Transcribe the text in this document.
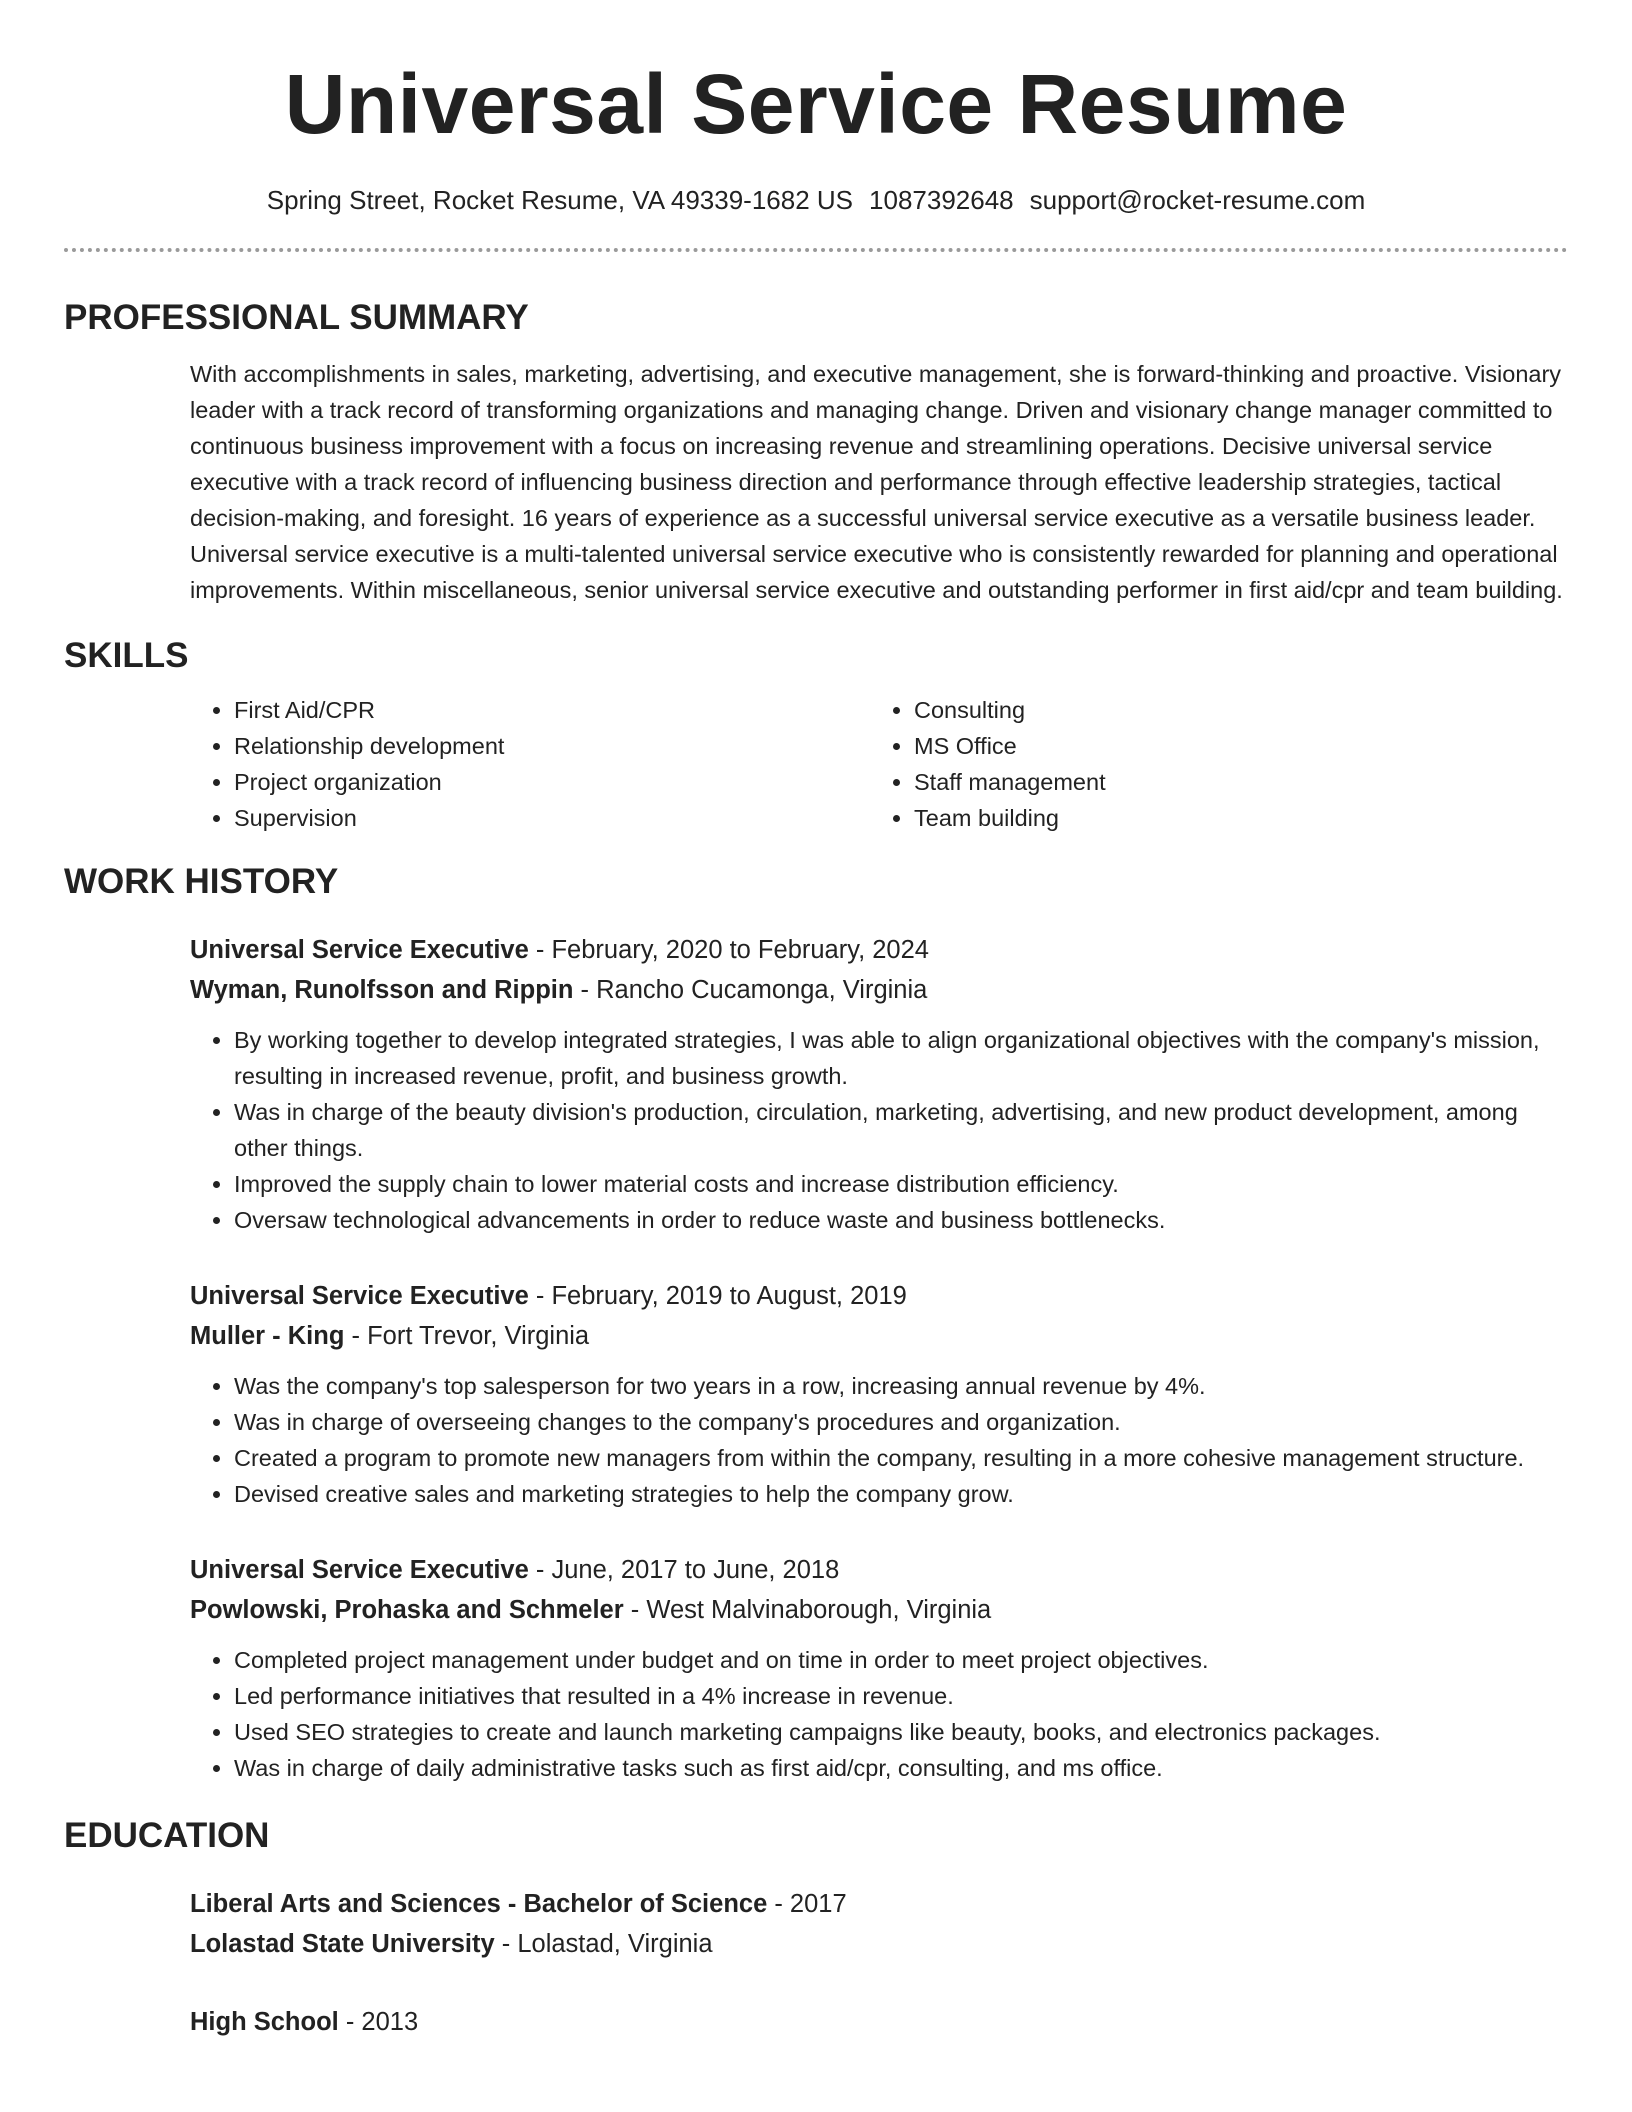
Universal Service Resume
Spring Street, Rocket Resume, VA 49339-1682 US 1087392648 support@rocket-resume.com
PROFESSIONAL SUMMARY
With accomplishments in sales, marketing, advertising, and executive management, she is forward-thinking and proactive. Visionary leader with a track record of transforming organizations and managing change. Driven and visionary change manager committed to continuous business improvement with a focus on increasing revenue and streamlining operations. Decisive universal service executive with a track record of influencing business direction and performance through effective leadership strategies, tactical decision-making, and foresight. 16 years of experience as a successful universal service executive as a versatile business leader. Universal service executive is a multi-talented universal service executive who is consistently rewarded for planning and operational improvements. Within miscellaneous, senior universal service executive and outstanding performer in first aid/cpr and team building.
SKILLS
• First Aid/CPR
• Relationship development
• Project organization
• Supervision
• Consulting
• MS Office
• Staff management
• Team building
WORK HISTORY
Universal Service Executive - February, 2020 to February, 2024
Wyman, Runolfsson and Rippin - Rancho Cucamonga, Virginia
• By working together to develop integrated strategies, I was able to align organizational objectives with the company's mission, resulting in increased revenue, profit, and business growth.
• Was in charge of the beauty division's production, circulation, marketing, advertising, and new product development, among other things.
• Improved the supply chain to lower material costs and increase distribution efficiency.
• Oversaw technological advancements in order to reduce waste and business bottlenecks.
Universal Service Executive - February, 2019 to August, 2019
Muller - King - Fort Trevor, Virginia
• Was the company's top salesperson for two years in a row, increasing annual revenue by 4%.
• Was in charge of overseeing changes to the company's procedures and organization.
• Created a program to promote new managers from within the company, resulting in a more cohesive management structure.
• Devised creative sales and marketing strategies to help the company grow.
Universal Service Executive - June, 2017 to June, 2018
Powlowski, Prohaska and Schmeler - West Malvinaborough, Virginia
• Completed project management under budget and on time in order to meet project objectives.
• Led performance initiatives that resulted in a 4% increase in revenue.
• Used SEO strategies to create and launch marketing campaigns like beauty, books, and electronics packages.
• Was in charge of daily administrative tasks such as first aid/cpr, consulting, and ms office.
EDUCATION
Liberal Arts and Sciences - Bachelor of Science - 2017
Lolastad State University - Lolastad, Virginia
High School - 2013
